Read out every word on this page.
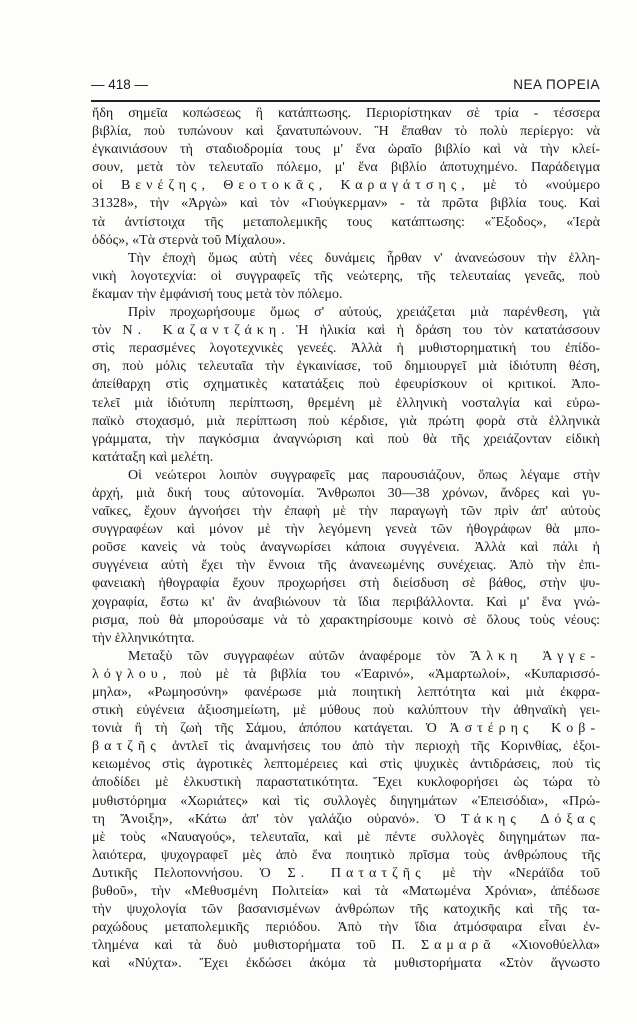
— 418 —	ΝΕΑ ΠΟΡΕΙΑ
ἤδη σημεῖα κοπώσεως ἢ κατάπτωσης. Περιορίστηκαν σὲ τρία - τέσσερα
βιβλία, ποὺ τυπώνουν καὶ ξανατυπώνουν. Ἢ ἔπαθαν τὸ πολὺ περίεργο: νὰ
ἐγκαινιάσουν τὴ σταδιοδρομία τους μ' ἕνα ὡραῖο βιβλίο καὶ νὰ τὴν κλεί-
σουν, μετὰ τὸν τελευταῖο πόλεμο, μ' ἕνα βιβλίο ἀποτυχημένο. Παράδειγμα
οἱ Βενέζης, Θεοτοκᾶς, Καραγάτσης, μὲ τὸ «νούμερο
31328», τὴν «Ἀργὼ» καὶ τὸν «Γιούγκερμαν» - τὰ πρῶτα βιβλία τους. Καὶ
τὰ ἀντίστοιχα τῆς μεταπολεμικῆς τους κατάπτωσης: «Ἔξοδος», «Ἱερὰ
ὁδός», «Τὰ στερνὰ τοῦ Μίχαλου».
Τὴν ἐποχὴ ὅμως αὐτὴ νέες δυνάμεις ἦρθαν ν' ἀνανεώσουν τὴν ἑλλη-
νικὴ λογοτεχνία: οἱ συγγραφεῖς τῆς νεώτερης, τῆς τελευταίας γενεᾶς, ποὺ
ἔκαμαν τὴν ἐμφάνισή τους μετὰ τὸν πόλεμο.
Πρὶν προχωρήσουμε ὅμως σ' αὐτούς, χρειάζεται μιὰ παρένθεση, γιὰ
τὸν Ν. Καζαντζάκη. Ἡ ἡλικία καὶ ἡ δράση του τὸν κατατάσσουν
στὶς περασμένες λογοτεχνικὲς γενεές. Ἀλλὰ ἡ μυθιστορηματική του ἐπίδο-
ση, ποὺ μόλις τελευταῖα τὴν ἐγκαινίασε, τοῦ δημιουργεῖ μιὰ ἰδιότυπη θέση,
ἀπείθαρχη στὶς σχηματικὲς κατατάξεις ποὺ ἐφευρίσκουν οἱ κριτικοί. Ἀπο-
τελεῖ μιὰ ἰδιότυπη περίπτωση, θρεμένη μὲ ἑλληνικὴ νοσταλγία καὶ εὐρω-
παϊκὸ στοχασμό, μιὰ περίπτωση ποὺ κέρδισε, γιὰ πρώτη φορὰ στὰ ἑλληνικὰ
γράμματα, τὴν παγκόσμια ἀναγνώριση καὶ ποὺ θὰ τῆς χρειάζονταν εἰδικὴ
κατάταξη καὶ μελέτη.
Οἱ νεώτεροι λοιπὸν συγγραφεῖς μας παρουσιάζουν, ὅπως λέγαμε στὴν
ἀρχή, μιὰ δική τους αὐτονομία. Ἄνθρωποι 30—38 χρόνων, ἄνδρες καὶ γυ-
ναῖκες, ἔχουν ἀγνοήσει τὴν ἐπαφὴ μὲ τὴν παραγωγὴ τῶν πρὶν ἀπ' αὐτοὺς
συγγραφέων καὶ μόνον μὲ τὴν λεγόμενη γενεὰ τῶν ἠθογράφων θὰ μπο-
ροῦσε κανεὶς νὰ τοὺς ἀναγνωρίσει κάποια συγγένεια. Ἀλλὰ καὶ πάλι ἡ
συγγένεια αὐτὴ ἔχει τὴν ἔννοια τῆς ἀνανεωμένης συνέχειας. Ἀπὸ τὴν ἐπι-
φανειακὴ ἠθογραφία ἔχουν προχωρήσει στὴ διείσδυση σὲ βάθος, στὴν ψυ-
χογραφία, ἔστω κι' ἂν ἀναβιώνουν τὰ ἴδια περιβάλλοντα. Καὶ μ' ἕνα γνώ-
ρισμα, ποὺ θὰ μπορούσαμε νὰ τὸ χαρακτηρίσουμε κοινὸ σὲ ὅλους τοὺς νέους:
τὴν ἑλληνικότητα.
Μεταξὺ τῶν συγγραφέων αὐτῶν ἀναφέρομε τὸν Ἄλκη Ἀγγε-
λόγλου, ποὺ μὲ τὰ βιβλία του «Ἐαρινό», «Ἁμαρτωλοί», «Κυπαρισσό-
μηλα», «Ρωμηοσύνη» φανέρωσε μιὰ ποιητικὴ λεπτότητα καὶ μιὰ ἐκφρα-
στικὴ εὐγένεια ἀξιοσημείωτη, μὲ μύθους ποὺ καλύπτουν τὴν ἀθηναϊκὴ γει-
τονιὰ ἢ τὴ ζωὴ τῆς Σάμου, ἀπόπου κατάγεται. Ὁ Ἀστέρης Κοβ-
βατζῆς ἀντλεῖ τὶς ἀναμνήσεις του ἀπὸ τὴν περιοχὴ τῆς Κορινθίας, ἐξοι-
κειωμένος στὶς ἀγροτικὲς λεπτομέρειες καὶ στὶς ψυχικὲς ἀντιδράσεις, ποὺ τὶς
ἀποδίδει μὲ ἑλκυστικὴ παραστατικότητα. Ἔχει κυκλοφορήσει ὡς τώρα τὸ
μυθιστόρημα «Χωριάτες» καὶ τὶς συλλογὲς διηγημάτων «Ἐπεισόδια», «Πρώ-
τη Ἄνοιξη», «Κάτω ἀπ' τὸν γαλάζιο οὐρανό». Ὁ Τάκης Δόξας
μὲ τοὺς «Ναυαγούς», τελευταῖα, καὶ μὲ πέντε συλλογὲς διηγημάτων πα-
λαιότερα, ψυχογραφεῖ μὲς ἀπὸ ἕνα ποιητικὸ πρῖσμα τοὺς ἀνθρώπους τῆς
Δυτικῆς Πελοποννήσου. Ὁ Σ. Πατατζῆς μὲ τὴν «Νεράϊδα τοῦ
βυθοῦ», τὴν «Μεθυσμένη Πολιτεία» καὶ τὰ «Ματωμένα Χρόνια», ἀπέδωσε
τὴν ψυχολογία τῶν βασανισμένων ἀνθρώπων τῆς κατοχικῆς καὶ τῆς τα-
ραχώδους μεταπολεμικῆς περιόδου. Ἀπὸ τὴν ἴδια ἀτμόσφαιρα εἶναι ἐν-
τλημένα καὶ τὰ δυὸ μυθιστορήματα τοῦ Π. Σαμαρᾶ «Χιονοθύελλα»
καὶ «Νύχτα». Ἔχει ἐκδώσει ἀκόμα τὰ μυθιστορήματα «Στὸν ἄγνωστο
